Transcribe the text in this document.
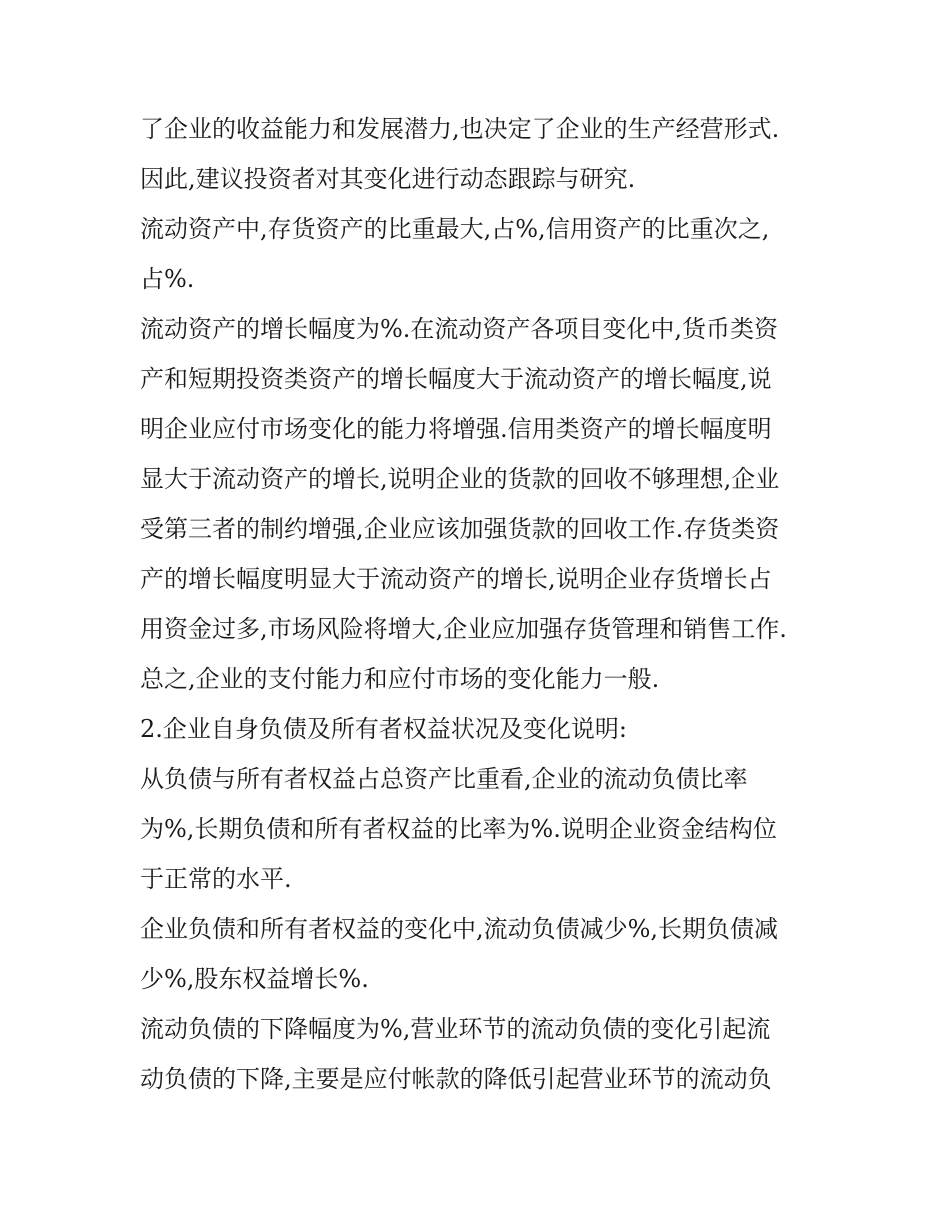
了企业的收益能力和发展潜力,也决定了企业的生产经营形式.
因此,建议投资者对其变化进行动态跟踪与研究.
流动资产中,存货资产的比重最大,占%,信用资产的比重次之,
占%.
流动资产的增长幅度为%.在流动资产各项目变化中,货币类资
产和短期投资类资产的增长幅度大于流动资产的增长幅度,说
明企业应付市场变化的能力将增强.信用类资产的增长幅度明
显大于流动资产的增长,说明企业的货款的回收不够理想,企业
受第三者的制约增强,企业应该加强货款的回收工作.存货类资
产的增长幅度明显大于流动资产的增长,说明企业存货增长占
用资金过多,市场风险将增大,企业应加强存货管理和销售工作.
总之,企业的支付能力和应付市场的变化能力一般.
2.企业自身负债及所有者权益状况及变化说明:
从负债与所有者权益占总资产比重看,企业的流动负债比率
为%,长期负债和所有者权益的比率为%.说明企业资金结构位
于正常的水平.
企业负债和所有者权益的变化中,流动负债减少%,长期负债减
少%,股东权益增长%.
流动负债的下降幅度为%,营业环节的流动负债的变化引起流
动负债的下降,主要是应付帐款的降低引起营业环节的流动负
